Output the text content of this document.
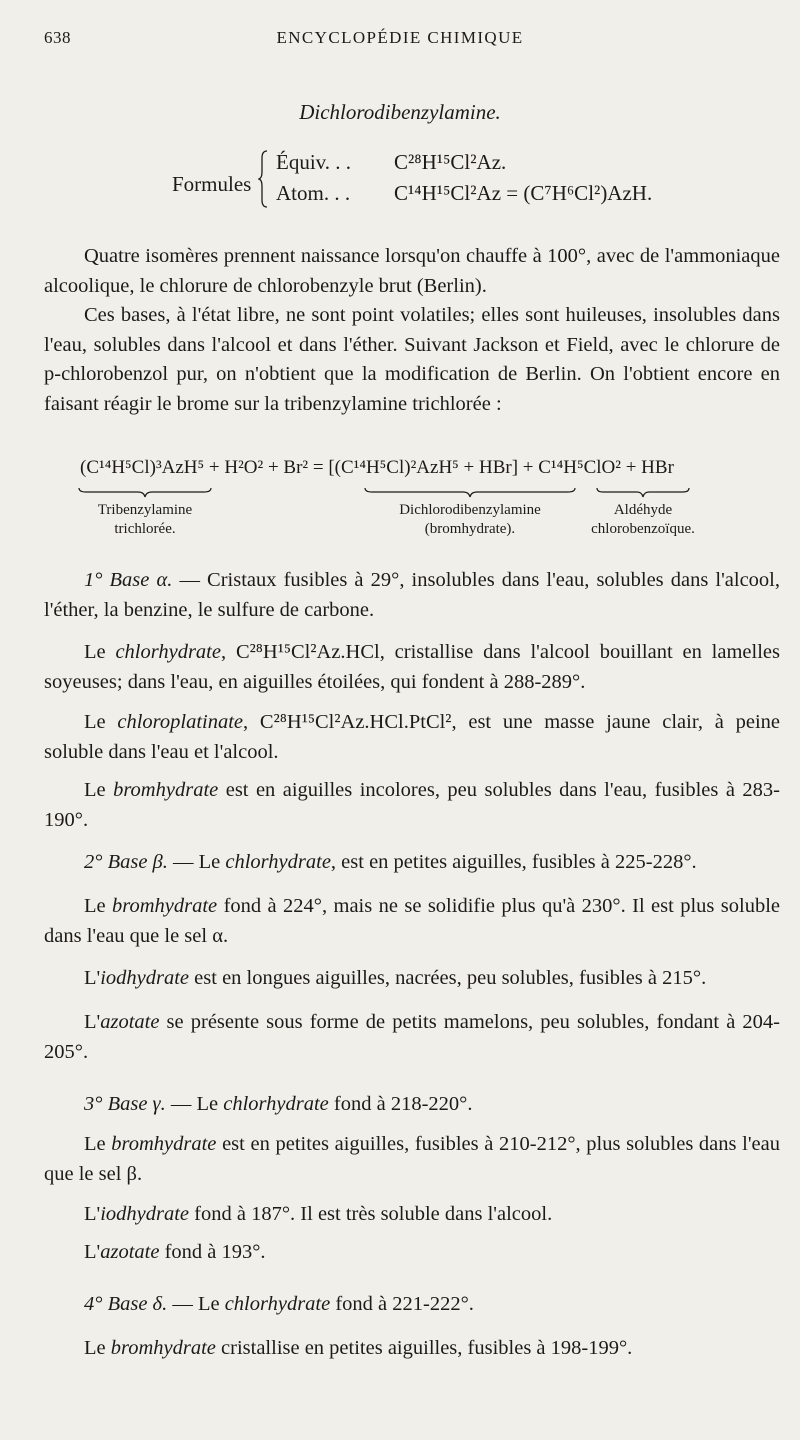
638	ENCYCLOPÉDIE CHIMIQUE
Dichlorodibenzylamine.
Formules
Équiv. . . C²⁸H¹⁵Cl²Az.
Atom. . . C¹⁴H¹⁵Cl²Az = (C⁷H⁶Cl²)AzH.

Quatre isomères prennent naissance lorsqu'on chauffe à 100°, avec de l'ammoniaque alcoolique, le chlorure de chlorobenzyle brut (Berlin).

Ces bases, à l'état libre, ne sont point volatiles; elles sont huileuses, insolubles dans l'eau, solubles dans l'alcool et dans l'éther. Suivant Jackson et Field, avec le chlorure de p-chlorobenzol pur, on n'obtient que la modification de Berlin. On l'obtient encore en faisant réagir le brome sur la tribenzylamine trichlorée :

(C¹⁴H⁵Cl)³AzH⁵ + H²O² + Br² = [(C¹⁴H⁵Cl)²AzH⁵ + HBr] + C¹⁴H⁵ClO² + HBr
Tribenzylamine
trichlorée.
Dichlorodibenzylamine
(bromhydrate).
Aldéhyde
chlorobenzoïque.

1° Base α. — Cristaux fusibles à 29°, insolubles dans l'eau, solubles dans l'alcool, l'éther, la benzine, le sulfure de carbone.

Le chlorhydrate, C²⁸H¹⁵Cl²Az.HCl, cristallise dans l'alcool bouillant en lamelles soyeuses; dans l'eau, en aiguilles étoilées, qui fondent à 288-289°.

Le chloroplatinate, C²⁸H¹⁵Cl²Az.HCl.PtCl², est une masse jaune clair, à peine soluble dans l'eau et l'alcool.

Le bromhydrate est en aiguilles incolores, peu solubles dans l'eau, fusibles à 283-190°.

2° Base β. — Le chlorhydrate, est en petites aiguilles, fusibles à 225-228°.

Le bromhydrate fond à 224°, mais ne se solidifie plus qu'à 230°. Il est plus soluble dans l'eau que le sel α.

L'iodhydrate est en longues aiguilles, nacrées, peu solubles, fusibles à 215°.

L'azotate se présente sous forme de petits mamelons, peu solubles, fondant à 204-205°.

3° Base γ. — Le chlorhydrate fond à 218-220°.

Le bromhydrate est en petites aiguilles, fusibles à 210-212°, plus solubles dans l'eau que le sel β.

L'iodhydrate fond à 187°. Il est très soluble dans l'alcool.

L'azotate fond à 193°.

4° Base δ. — Le chlorhydrate fond à 221-222°.

Le bromhydrate cristallise en petites aiguilles, fusibles à 198-199°.
